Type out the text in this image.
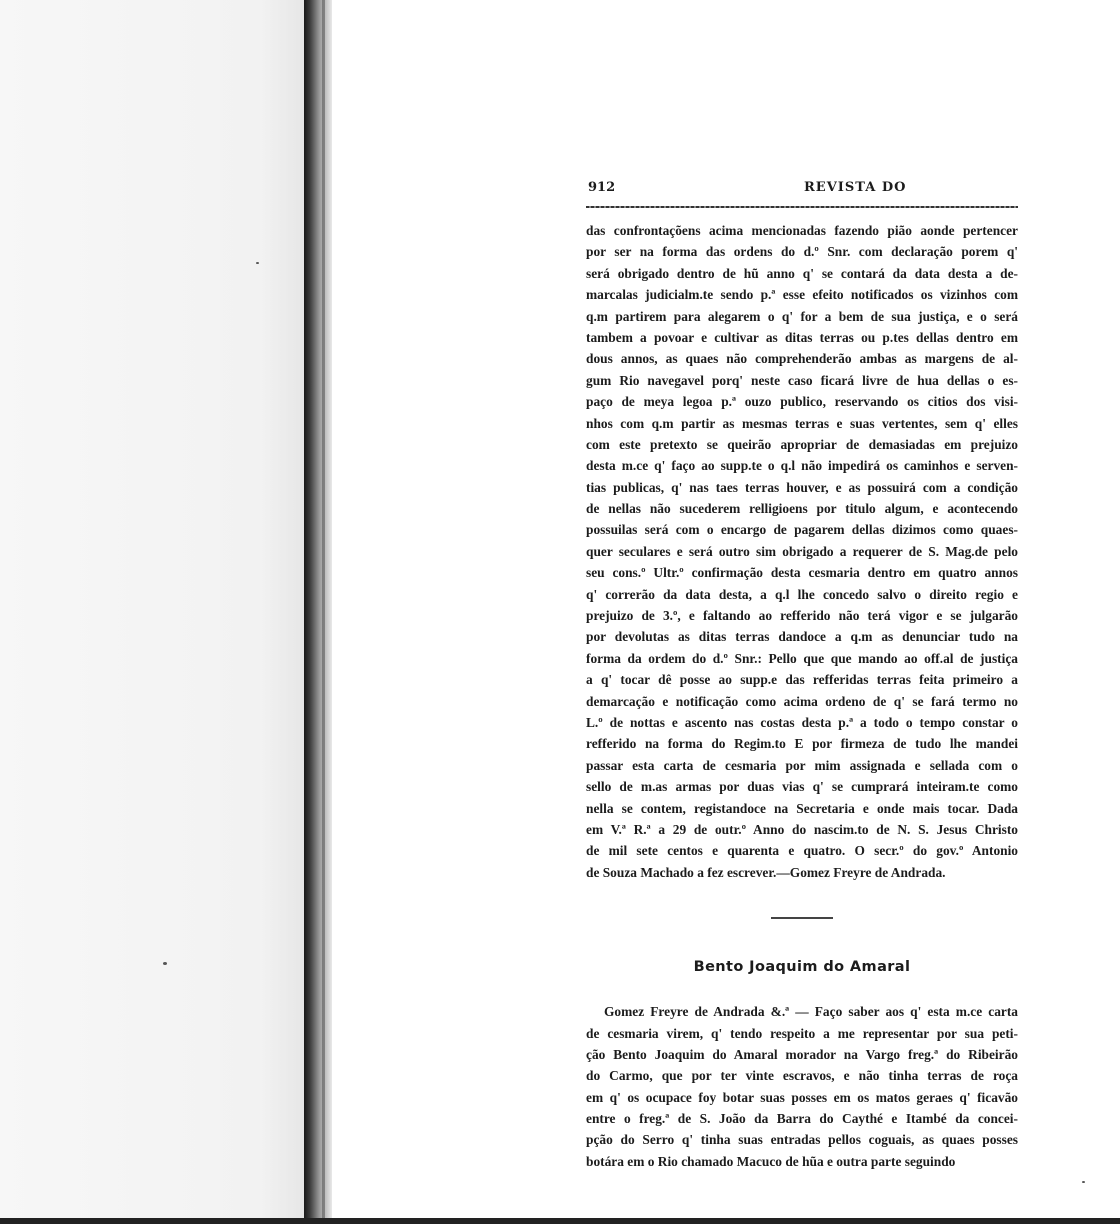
912	REVISTA DO
das confrontaçõens acima mencionadas fazendo pião aonde pertencer
por ser na forma das ordens do d.º Snr. com declaração porem q'
será obrigado dentro de hũ anno q' se contará da data desta a de-
marcalas judicialm.te sendo p.ª esse efeito notificados os vizinhos com
q.m partirem para alegarem o q' for a bem de sua justiça, e o será
tambem a povoar e cultivar as ditas terras ou p.tes dellas dentro em
dous annos, as quaes não comprehenderão ambas as margens de al-
gum Rio navegavel porq' neste caso ficará livre de hua dellas o es-
paço de meya legoa p.ª ouzo publico, reservando os citios dos visi-
nhos com q.m partir as mesmas terras e suas vertentes, sem q' elles
com este pretexto se queirão apropriar de demasiadas em prejuizo
desta m.ce q' faço ao supp.te o q.l não impedirá os caminhos e serven-
tias publicas, q' nas taes terras houver, e as possuirá com a condição
de nellas não sucederem relligioens por titulo algum, e acontecendo
possuilas será com o encargo de pagarem dellas dizimos como quaes-
quer seculares e será outro sim obrigado a requerer de S. Mag.de pelo
seu cons.º Ultr.º confirmação desta cesmaria dentro em quatro annos
q' correrão da data desta, a q.l lhe concedo salvo o direito regio e
prejuizo de 3.º, e faltando ao refferido não terá vigor e se julgarão
por devolutas as ditas terras dandoce a q.m as denunciar tudo na
forma da ordem do d.º Snr.: Pello que que mando ao off.al de justiça
a q' tocar dê posse ao supp.e das refferidas terras feita primeiro a
demarcação e notificação como acima ordeno de q' se fará termo no
L.º de nottas e ascento nas costas desta p.ª a todo o tempo constar o
refferido na forma do Regim.to E por firmeza de tudo lhe mandei
passar esta carta de cesmaria por mim assignada e sellada com o
sello de m.as armas por duas vias q' se cumprará inteiram.te como
nella se contem, registandoce na Secretaria e onde mais tocar. Dada
em V.ª R.ª a 29 de outr.º Anno do nascim.to de N. S. Jesus Christo
de mil sete centos e quarenta e quatro. O secr.º do gov.º Antonio
de Souza Machado a fez escrever.—Gomez Freyre de Andrada.
Bento Joaquim do Amaral
Gomez Freyre de Andrada &.ª — Faço saber aos q' esta m.ce carta
de cesmaria virem, q' tendo respeito a me representar por sua peti-
ção Bento Joaquim do Amaral morador na Vargo freg.ª do Ribeirão
do Carmo, que por ter vinte escravos, e não tinha terras de roça
em q' os ocupace foy botar suas posses em os matos geraes q' ficavão
entre o freg.ª de S. João da Barra do Caythé e Itambé da concei-
pção do Serro q' tinha suas entradas pellos coguais, as quaes posses
botára em o Rio chamado Macuco de hũa e outra parte seguindo
